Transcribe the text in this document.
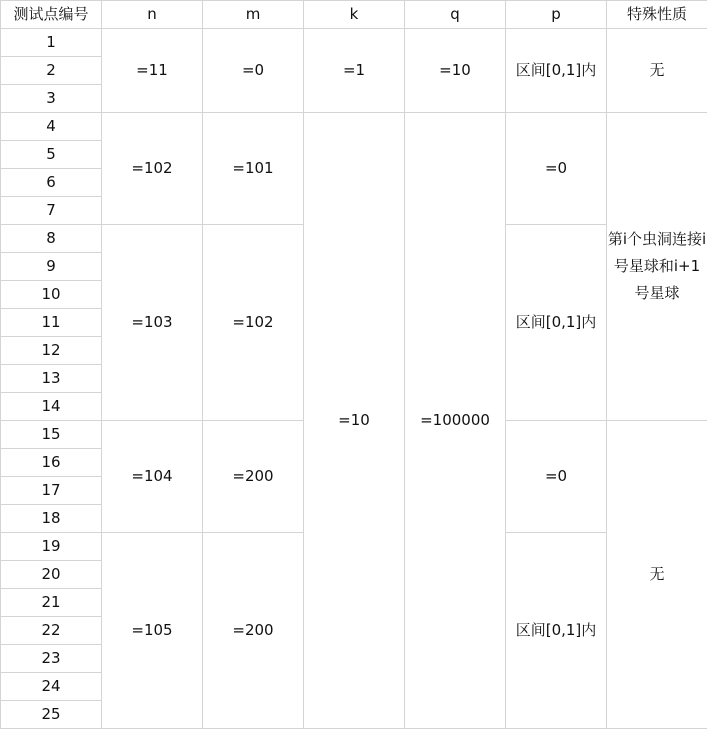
测试点编号	n	m	k	q	p	特殊性质
1	=11	=0	=1	=10	区间[0,1]内	无
2						
3						
4	=102	=101	=10	=100000	=0	第i个虫洞连接i号星球和i+1号星球
5						
6						
7						
8	=103	=102			区间[0,1]内	
9						
10						
11						
12						
13						
14						
15	=104	=200			=0	无
16						
17						
18						
19	=105	=200			区间[0,1]内	
20						
21						
22						
23						
24						
25						
